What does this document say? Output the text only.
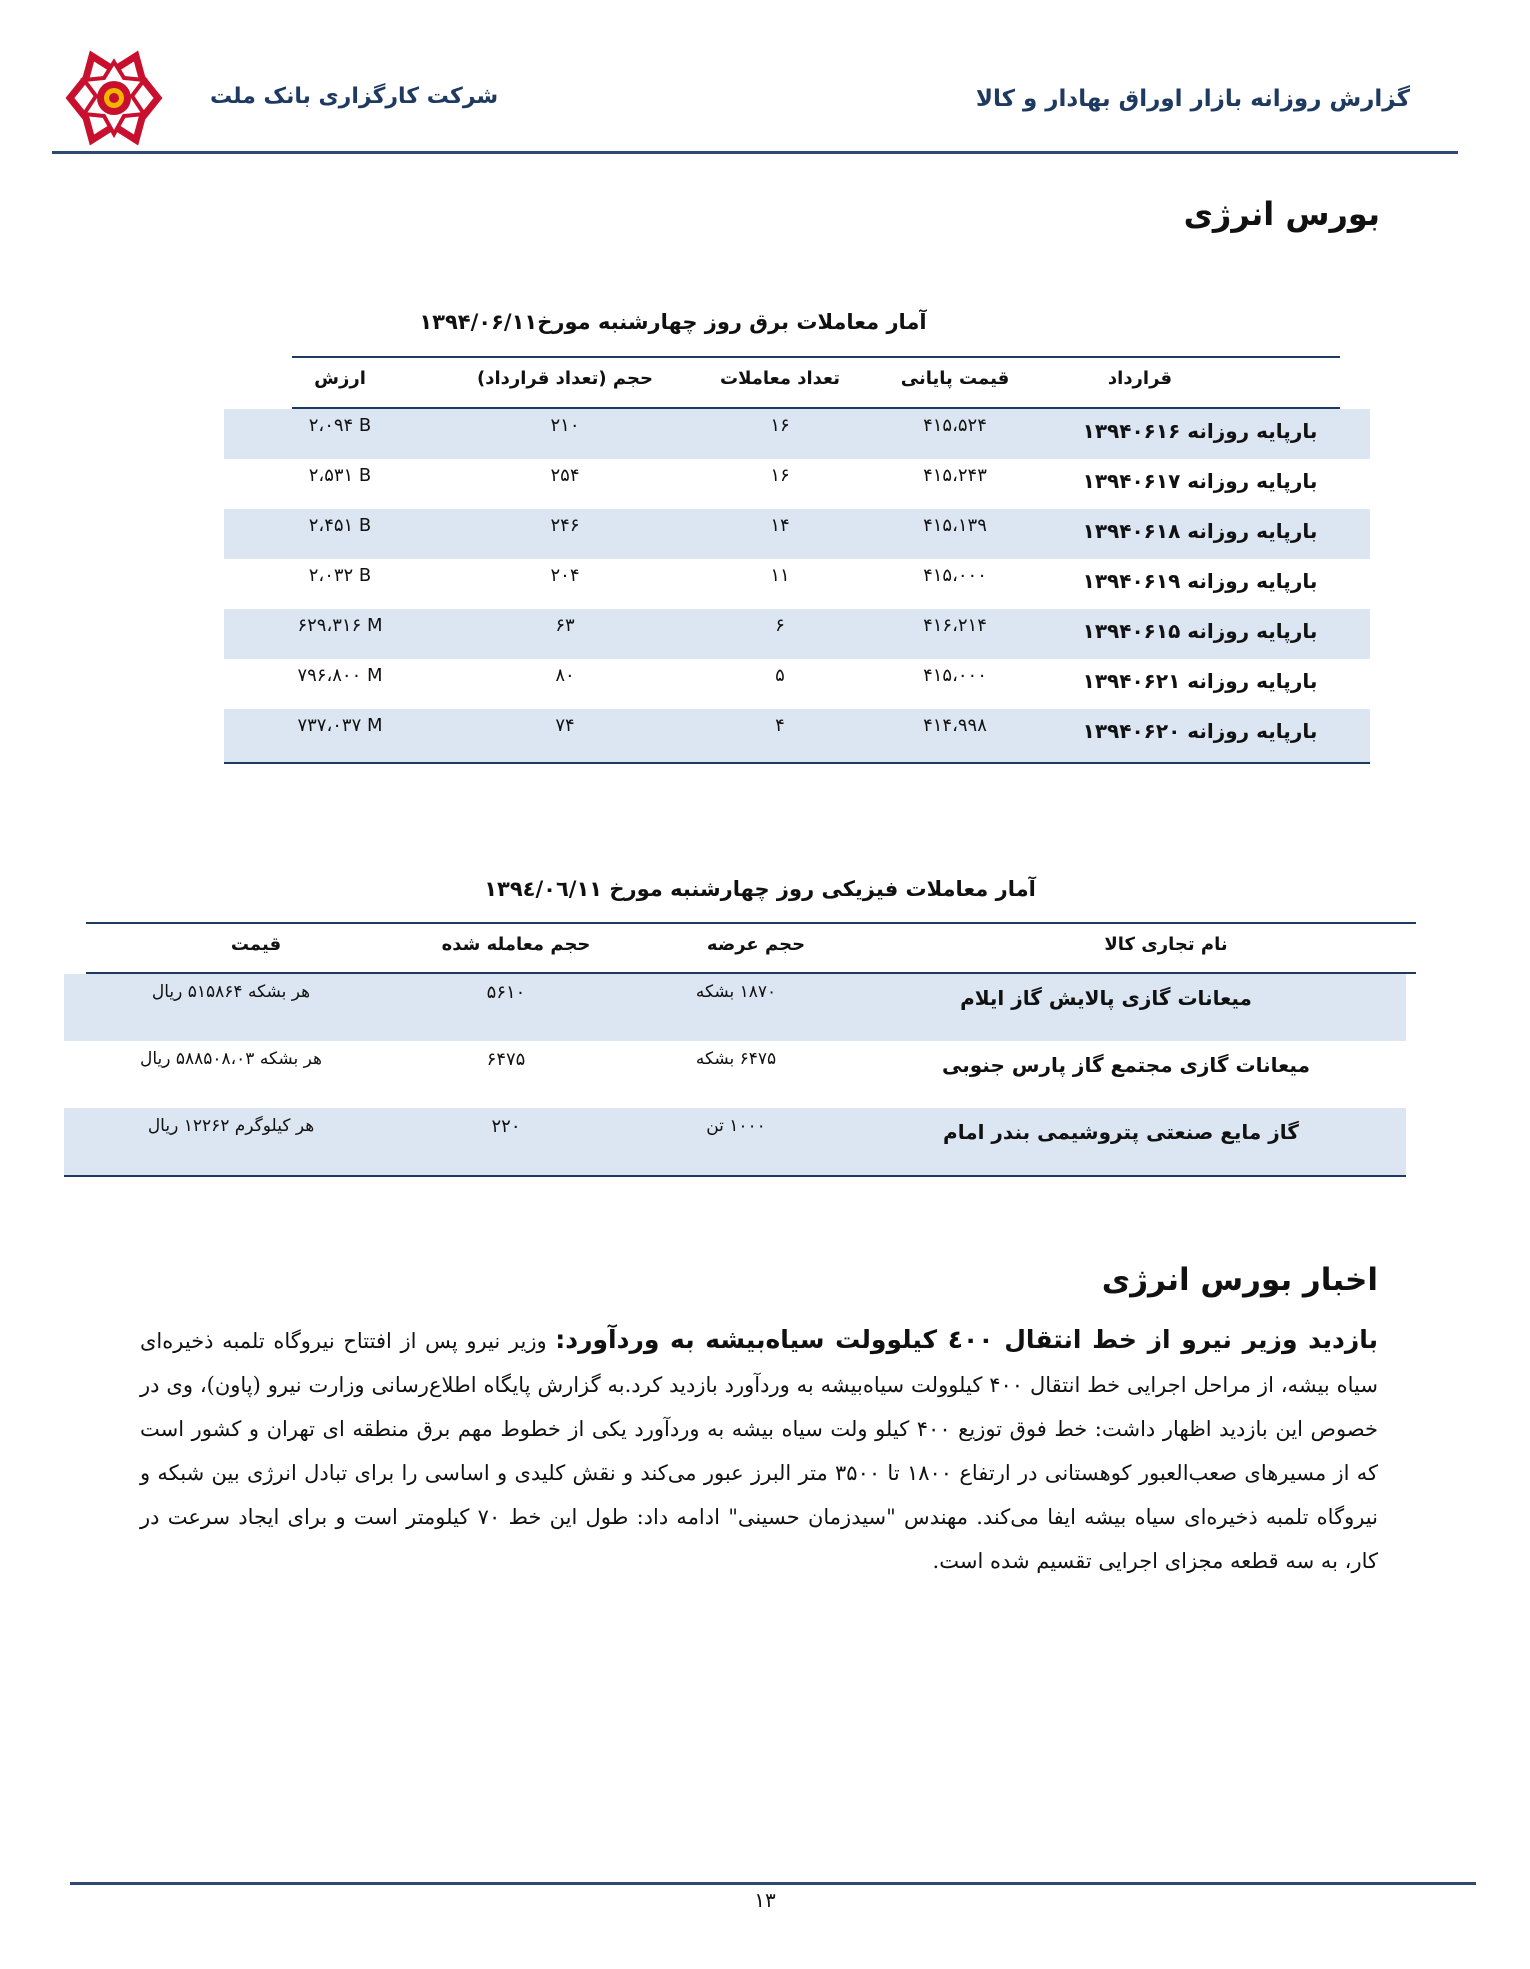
شرکت کارگزاری بانک ملت	گزارش روزانه بازار اوراق بهادار و کالا
بورس انرژی
آمار معاملات برق روز چهارشنبه مورخ۱۳۹۴/۰۶/۱۱
قرارداد
قیمت پایانی
تعداد معاملات
حجم (تعداد قرارداد)
ارزش
بارپایه روزانه ۱۳۹۴۰۶۱۶
۴۱۵،۵۲۴
۱۶
۲۱۰
۲،۰۹۴ B
بارپایه روزانه ۱۳۹۴۰۶۱۷
۴۱۵،۲۴۳
۱۶
۲۵۴
۲،۵۳۱ B
بارپایه روزانه ۱۳۹۴۰۶۱۸
۴۱۵،۱۳۹
۱۴
۲۴۶
۲،۴۵۱ B
بارپایه روزانه ۱۳۹۴۰۶۱۹
۴۱۵،۰۰۰
۱۱
۲۰۴
۲،۰۳۲ B
بارپایه روزانه ۱۳۹۴۰۶۱۵
۴۱۶،۲۱۴
۶
۶۳
۶۲۹،۳۱۶ M
بارپایه روزانه ۱۳۹۴۰۶۲۱
۴۱۵،۰۰۰
۵
۸۰
۷۹۶،۸۰۰ M
بارپایه روزانه ۱۳۹۴۰۶۲۰
۴۱۴،۹۹۸
۴
۷۴
۷۳۷،۰۳۷ M
آمار معاملات فیزیکی روز چهارشنبه مورخ ۱۳۹٤/۰٦/۱۱
نام تجاری کالا
حجم عرضه
حجم معامله شده
قیمت
میعانات گازی پالایش گاز ایلام
۱۸۷۰ بشکه
۵۶۱۰
هر بشکه ۵۱۵۸۶۴ ریال
میعانات گازی مجتمع گاز پارس جنوبی
۶۴۷۵ بشکه
۶۴۷۵
هر بشکه ۵۸۸۵۰۸،۰۳ ریال
گاز مایع صنعتی پتروشیمی بندر امام
۱۰۰۰ تن
۲۲۰
هر کیلوگرم ۱۲۲۶۲ ریال
اخبار بورس انرژی
بازدید وزیر نیرو از خط انتقال ٤۰۰ کیلوولت سیاه‌بیشه به وردآورد: وزیر نیرو پس از افتتاح نیروگاه تلمبه ذخیره‌ای سیاه بیشه، از مراحل اجرایی خط انتقال ۴۰۰ کیلوولت سیاه‌بیشه به وردآورد بازدید کرد.به گزارش پایگاه اطلاع‌رسانی وزارت نیرو (پاون)، وی در خصوص این بازدید اظهار داشت: خط فوق توزیع ۴۰۰ کیلو ولت سیاه بیشه به وردآورد یکی از خطوط مهم برق منطقه ای تهران و کشور است که از مسیرهای صعب‌العبور کوهستانی در ارتفاع ۱۸۰۰ تا ۳۵۰۰ متر البرز عبور می‌کند و نقش کلیدی و اساسی را برای تبادل انرژی بین شبکه و نیروگاه تلمبه ذخیره‌ای سیاه بیشه ایفا می‌کند. مهندس "سیدزمان حسینی" ادامه داد: طول این خط ۷۰ کیلومتر است و برای ایجاد سرعت در کار، به سه قطعه مجزای اجرایی تقسیم شده است.
۱۳
